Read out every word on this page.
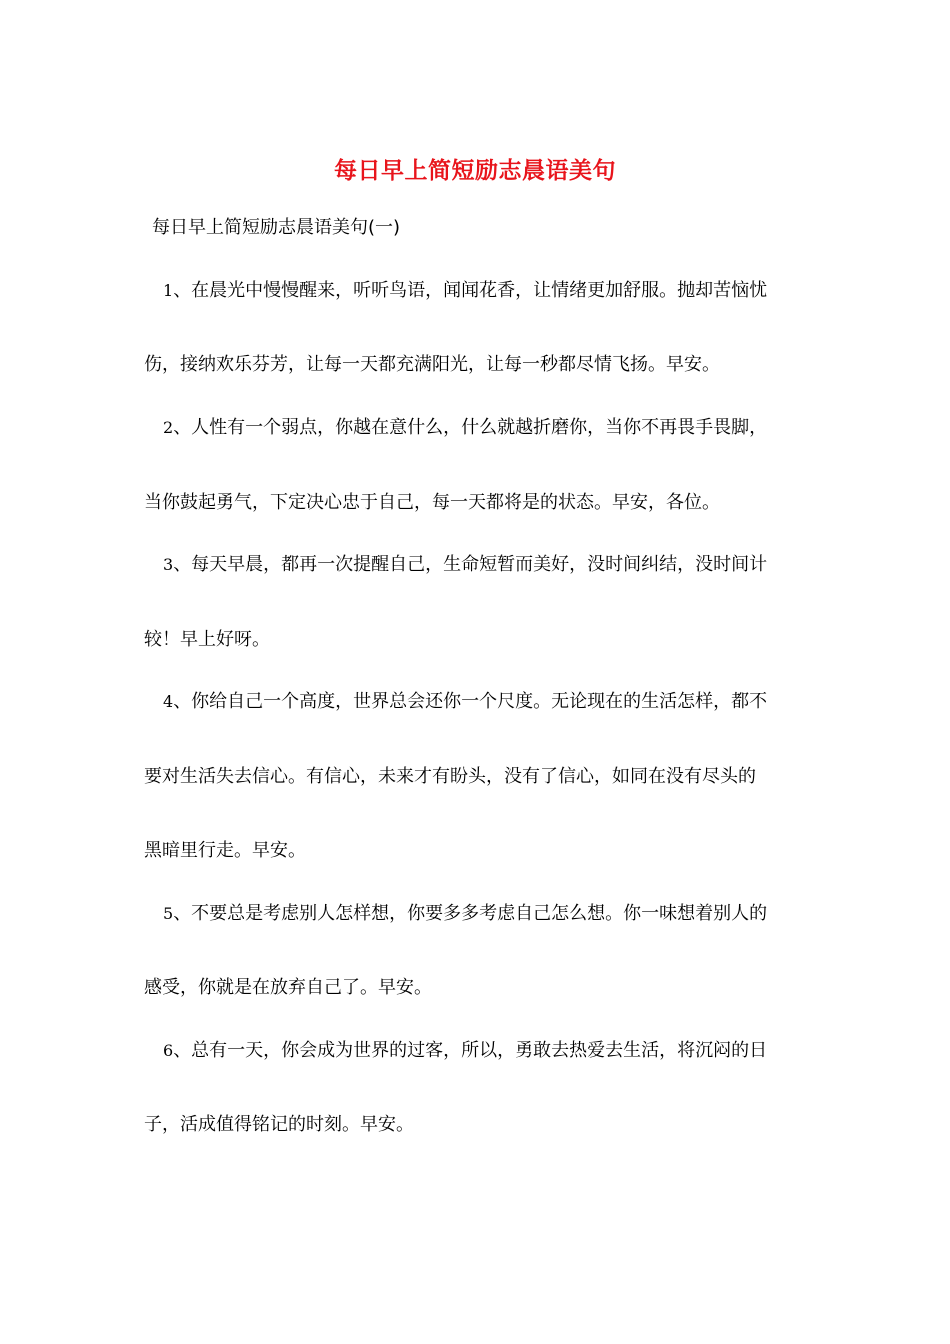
每日早上简短励志晨语美句
每日早上简短励志晨语美句(一)
1、在晨光中慢慢醒来，听听鸟语，闻闻花香，让情绪更加舒服。抛却苦恼忧
伤，接纳欢乐芬芳，让每一天都充满阳光，让每一秒都尽情飞扬。早安。
2、人性有一个弱点，你越在意什么，什么就越折磨你，当你不再畏手畏脚，
当你鼓起勇气，下定决心忠于自己，每一天都将是的状态。早安，各位。
3、每天早晨，都再一次提醒自己，生命短暂而美好，没时间纠结，没时间计
较！早上好呀。
4、你给自己一个高度，世界总会还你一个尺度。无论现在的生活怎样，都不
要对生活失去信心。有信心，未来才有盼头，没有了信心，如同在没有尽头的
黑暗里行走。早安。
5、不要总是考虑别人怎样想，你要多多考虑自己怎么想。你一味想着别人的
感受，你就是在放弃自己了。早安。
6、总有一天，你会成为世界的过客，所以，勇敢去热爱去生活，将沉闷的日
子，活成值得铭记的时刻。早安。
